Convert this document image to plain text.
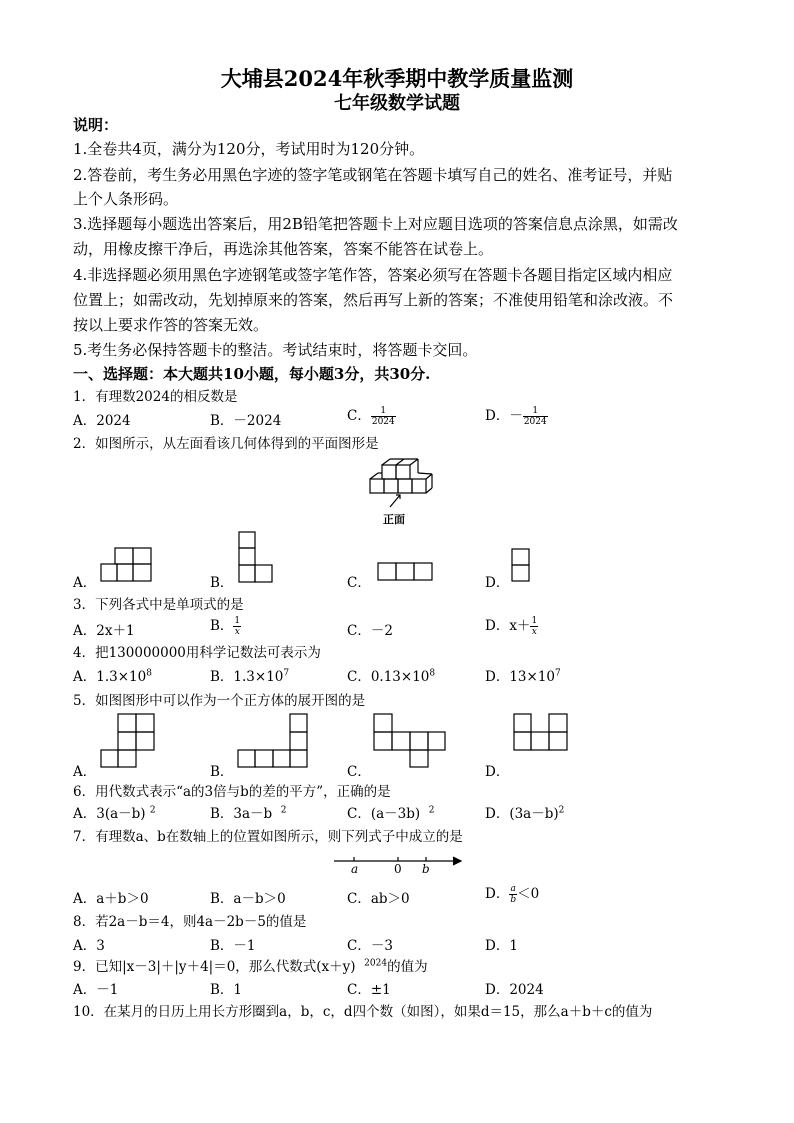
大埔县2024年秋季期中教学质量监测
七年级数学试题
说明：
1.全卷共4页，满分为120分，考试用时为120分钟。
2.答卷前，考生务必用黑色字迹的签字笔或钢笔在答题卡填写自己的姓名、准考证号，并贴
上个人条形码。
3.选择题每小题选出答案后，用2B铅笔把答题卡上对应题目选项的答案信息点涂黑，如需改
动，用橡皮擦干净后，再选涂其他答案，答案不能答在试卷上。
4.非选择题必须用黑色字迹钢笔或签字笔作答，答案必须写在答题卡各题目指定区域内相应
位置上；如需改动，先划掉原来的答案，然后再写上新的答案；不准使用铅笔和涂改液。不
按以上要求作答的答案无效。
5.考生务必保持答题卡的整洁。考试结束时，将答题卡交回。
一、选择题：本大题共10小题，每小题3分，共30分.
1．有理数2024的相反数是
A．2024	B．－2024	C． $\frac{1}{2024}$	D．－ $\frac{1}{2024}$
2．如图所示，从左面看该几何体得到的平面图形是
正面
A．	B．	C．	D．
3．下列各式中是单项式的是
A．2x＋1	B． $\frac{1}{x}$	C．－2	D．$x+ \frac{1}{x}$
4．把130000000用科学记数法可表示为
A．$1.3\times 10^8$	B．$1.3\times 10^7$	C．$0.13\times 10^8$	D．$13\times 10^7$
5．如图图形中可以作为一个正方体的展开图的是
A．	B．	C．	D．
6．用代数式表示“a的3倍与b的差的平方”，正确的是
A．3(a－b) $^2$	B．3a－b $^2$	C．(a－3b) $^2$	D．$(3a-b)^2$
7．有理数a、b在数轴上的位置如图所示，则下列式子中成立的是
a	0 b
A．a＋b＞0	B．a－b＞0	C．ab＞0	D． $\frac{a}{b} <0$
8．若2a－b＝4，则4a－2b－5的值是
A．3	B．－1	C．－3	D．1
9．已知|x－3|＋|y＋4|＝0，那么代数式(x＋y) $^{2024}$的值为
A．－1	B．1	C．±1	D．2024
10．在某月的日历上用长方形圈到a，b，c，d四个数（如图），如果d＝15，那么a＋b＋c的值为
